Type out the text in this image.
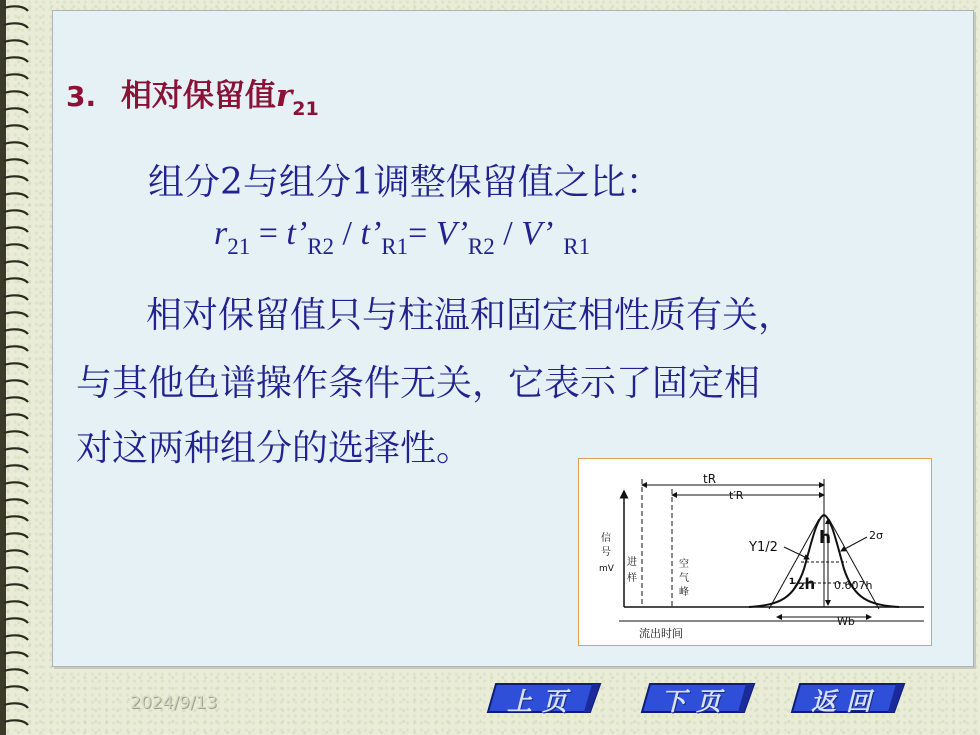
3. 相对保留值$r_{21}$
组分2与组分1调整保留值之比：
$r_{21}$ = $t’_{R2}$ / $t’_{R1}=$ $V’_{R2}$ / V’ $_{R1}$
相对保留值只与柱温和固定相性质有关，
与其他色谱操作条件无关，它表示了固定相
对这两种组分的选择性。
tR
t′R
Y1/2
2σ
h
½h 0.607h
Wb
信
号
mV
进
样
空
气
峰
流出时间
2024/9/13	上页	下页	返回
